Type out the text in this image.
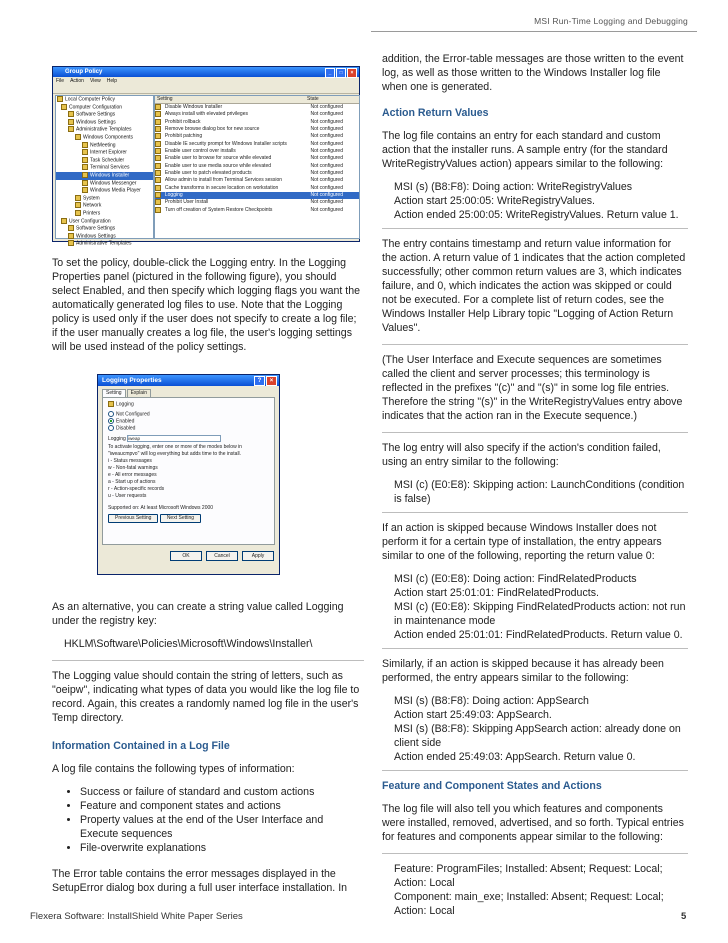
MSI Run-Time Logging and Debugging
Group Policy	_	□	×
File Action View Help
Local Computer Policy
Computer Configuration
Software Settings
Windows Settings
Administrative Templates
Windows Components
NetMeeting
Internet Explorer
Task Scheduler
Terminal Services
Windows Installer
Windows Messenger
Windows Media Player
System
Network
Printers
User Configuration
Software Settings
Windows Settings
Administrative Templates
Setting	State
Disable Windows Installer	Not configured
Always install with elevated privileges	Not configured
Prohibit rollback	Not configured
Remove browse dialog box for new source	Not configured
Prohibit patching	Not configured
Disable IE security prompt for Windows Installer scripts	Not configured
Enable user control over installs	Not configured
Enable user to browse for source while elevated	Not configured
Enable user to use media source while elevated	Not configured
Enable user to patch elevated products	Not configured
Allow admin to install from Terminal Services session	Not configured
Cache transforms in secure location on workstation	Not configured
Logging	Not configured
Prohibit User Install	Not configured
Turn off creation of System Restore Checkpoints	Not configured

To set the policy, double-click the Logging entry. In the Logging Properties panel (pictured in the following figure), you should select Enabled, and then specify which logging flags you want the automatically generated log files to use. Note that the Logging policy is used only if the user does not specify to create a log file; if the user manually creates a log file, the user's logging settings will be used instead of the policy settings.

Logging Properties	?	×
Setting	Explain
Logging
Not Configured
Enabled
Disabled
Logging iweap
To activate logging, enter one or more of the modes below in
"iweaucmpvo" will log everything but adds time to the install.
i - Status messages
w - Non-fatal warnings
e - All error messages
a - Start up of actions
r - Action-specific records
u - User requests
Supported on: At least Microsoft Windows 2000
Previous Setting	Next Setting
OK	Cancel	Apply

As an alternative, you can create a string value called Logging under the registry key:

HKLM\Software\Policies\Microsoft\Windows\Installer\

The Logging value should contain the string of letters, such as "oeipw", indicating what types of data you would like the log file to record. Again, this creates a randomly named log file in the user's Temp directory.

Information Contained in a Log File

A log file contains the following types of information:

• Success or failure of standard and custom actions
• Feature and component states and actions
• Property values at the end of the User Interface and Execute sequences
• File-overwrite explanations

The Error table contains the error messages displayed in the SetupError dialog box during a full user interface installation. In

addition, the Error-table messages are those written to the event log, as well as those written to the Windows Installer log file when one is generated.

Action Return Values

The log file contains an entry for each standard and custom action that the installer runs. A sample entry (for the standard WriteRegistryValues action) appears similar to the following:

MSI (s) (B8:F8): Doing action: WriteRegistryValues
Action start 25:00:05: WriteRegistryValues.
Action ended 25:00:05: WriteRegistryValues. Return value 1.

The entry contains timestamp and return value information for the action. A return value of 1 indicates that the action completed successfully; other common return values are 3, which indicates failure, and 0, which indicates the action was skipped or could not be executed. For a complete list of return codes, see the Windows Installer Help Library topic "Logging of Action Return Values".

(The User Interface and Execute sequences are sometimes called the client and server processes; this terminology is reflected in the prefixes "(c)" and "(s)" in some log file entries. Therefore the string "(s)" in the WriteRegistryValues entry above indicates that the action ran in the Execute sequence.)

The log entry will also specify if the action's condition failed, using an entry similar to the following:

MSI (c) (E0:E8): Skipping action: LaunchConditions (condition is false)

If an action is skipped because Windows Installer does not perform it for a certain type of installation, the entry appears similar to one of the following, reporting the return value 0:

MSI (c) (E0:E8): Doing action: FindRelatedProducts
Action start 25:01:01: FindRelatedProducts.
MSI (c) (E0:E8): Skipping FindRelatedProducts action: not run in maintenance mode
Action ended 25:01:01: FindRelatedProducts. Return value 0.

Similarly, if an action is skipped because it has already been performed, the entry appears similar to the following:

MSI (s) (B8:F8): Doing action: AppSearch
Action start 25:49:03: AppSearch.
MSI (s) (B8:F8): Skipping AppSearch action: already done on client side
Action ended 25:49:03: AppSearch. Return value 0.

Feature and Component States and Actions

The log file will also tell you which features and components were installed, removed, advertised, and so forth. Typical entries for features and components appear similar to the following:

Feature: ProgramFiles; Installed: Absent; Request: Local;
Action: Local
Component: main_exe; Installed: Absent; Request: Local;
Action: Local
Flexera Software: InstallShield White Paper Series	5
